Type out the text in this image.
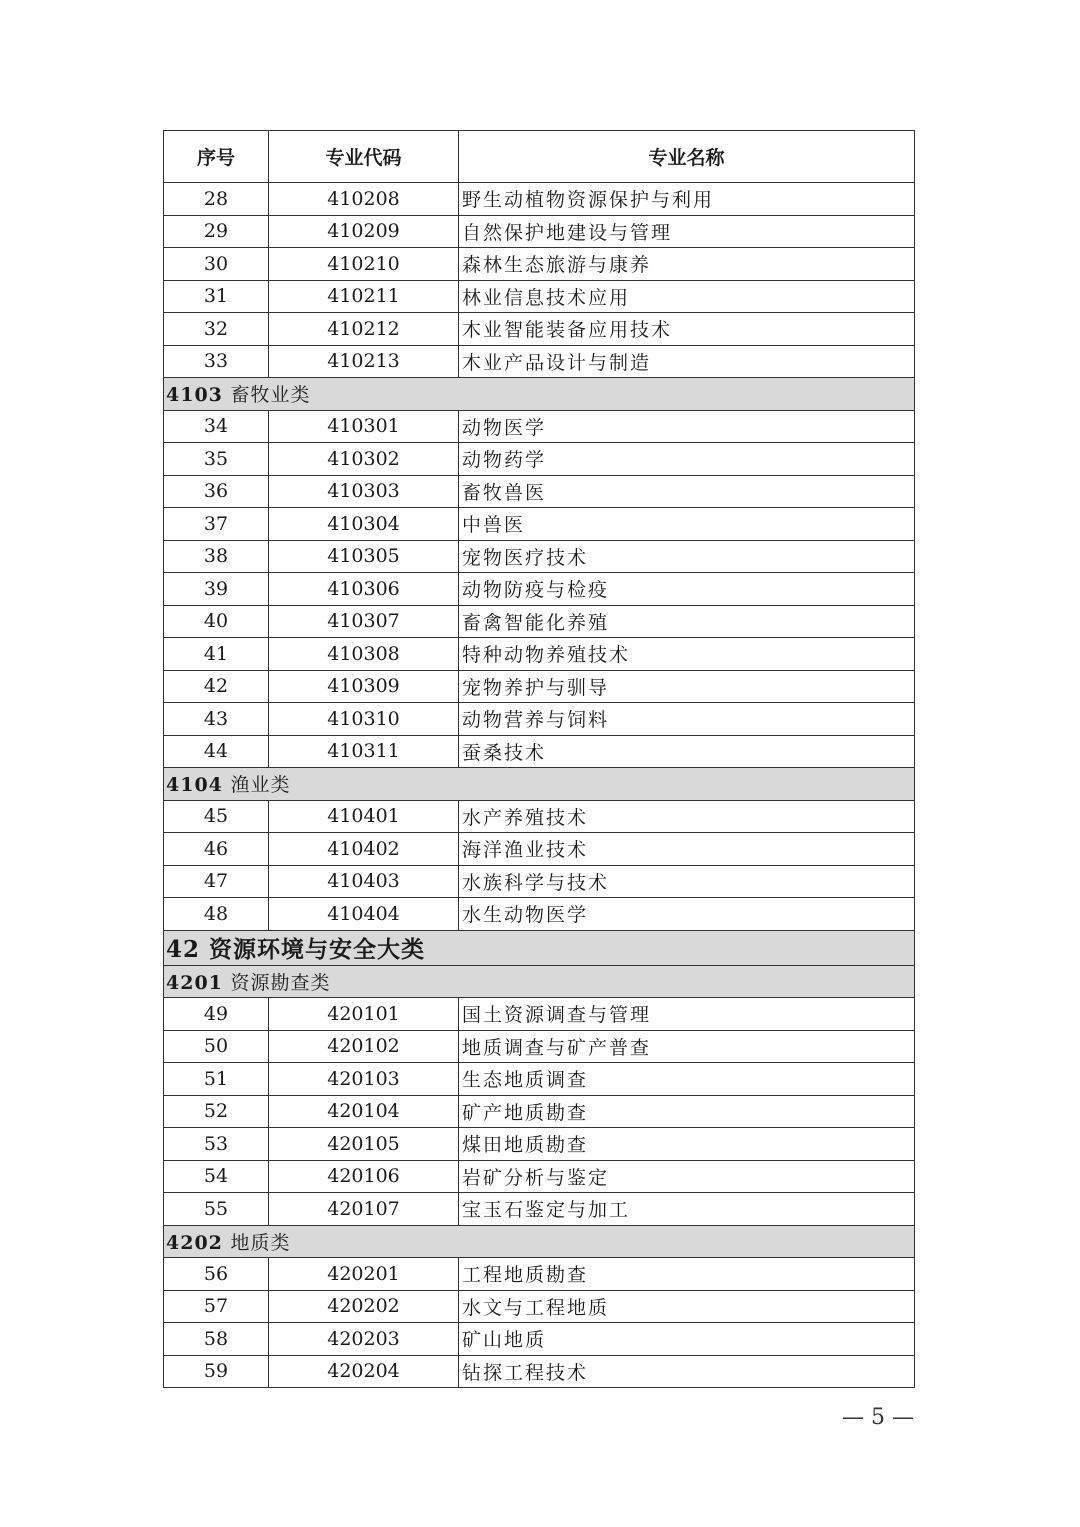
序号	专业代码	专业名称
28	410208	野生动植物资源保护与利用
29	410209	自然保护地建设与管理
30	410210	森林生态旅游与康养
31	410211	林业信息技术应用
32	410212	木业智能装备应用技术
33	410213	木业产品设计与制造
4103 畜牧业类		
34	410301	动物医学
35	410302	动物药学
36	410303	畜牧兽医
37	410304	中兽医
38	410305	宠物医疗技术
39	410306	动物防疫与检疫
40	410307	畜禽智能化养殖
41	410308	特种动物养殖技术
42	410309	宠物养护与驯导
43	410310	动物营养与饲料
44	410311	蚕桑技术
4104 渔业类		
45	410401	水产养殖技术
46	410402	海洋渔业技术
47	410403	水族科学与技术
48	410404	水生动物医学
42 资源环境与安全大类		
4201 资源勘查类		
49	420101	国土资源调查与管理
50	420102	地质调查与矿产普查
51	420103	生态地质调查
52	420104	矿产地质勘查
53	420105	煤田地质勘查
54	420106	岩矿分析与鉴定
55	420107	宝玉石鉴定与加工
4202 地质类		
56	420201	工程地质勘查
57	420202	水文与工程地质
58	420203	矿山地质
59	420204	钻探工程技术
— 5 —
